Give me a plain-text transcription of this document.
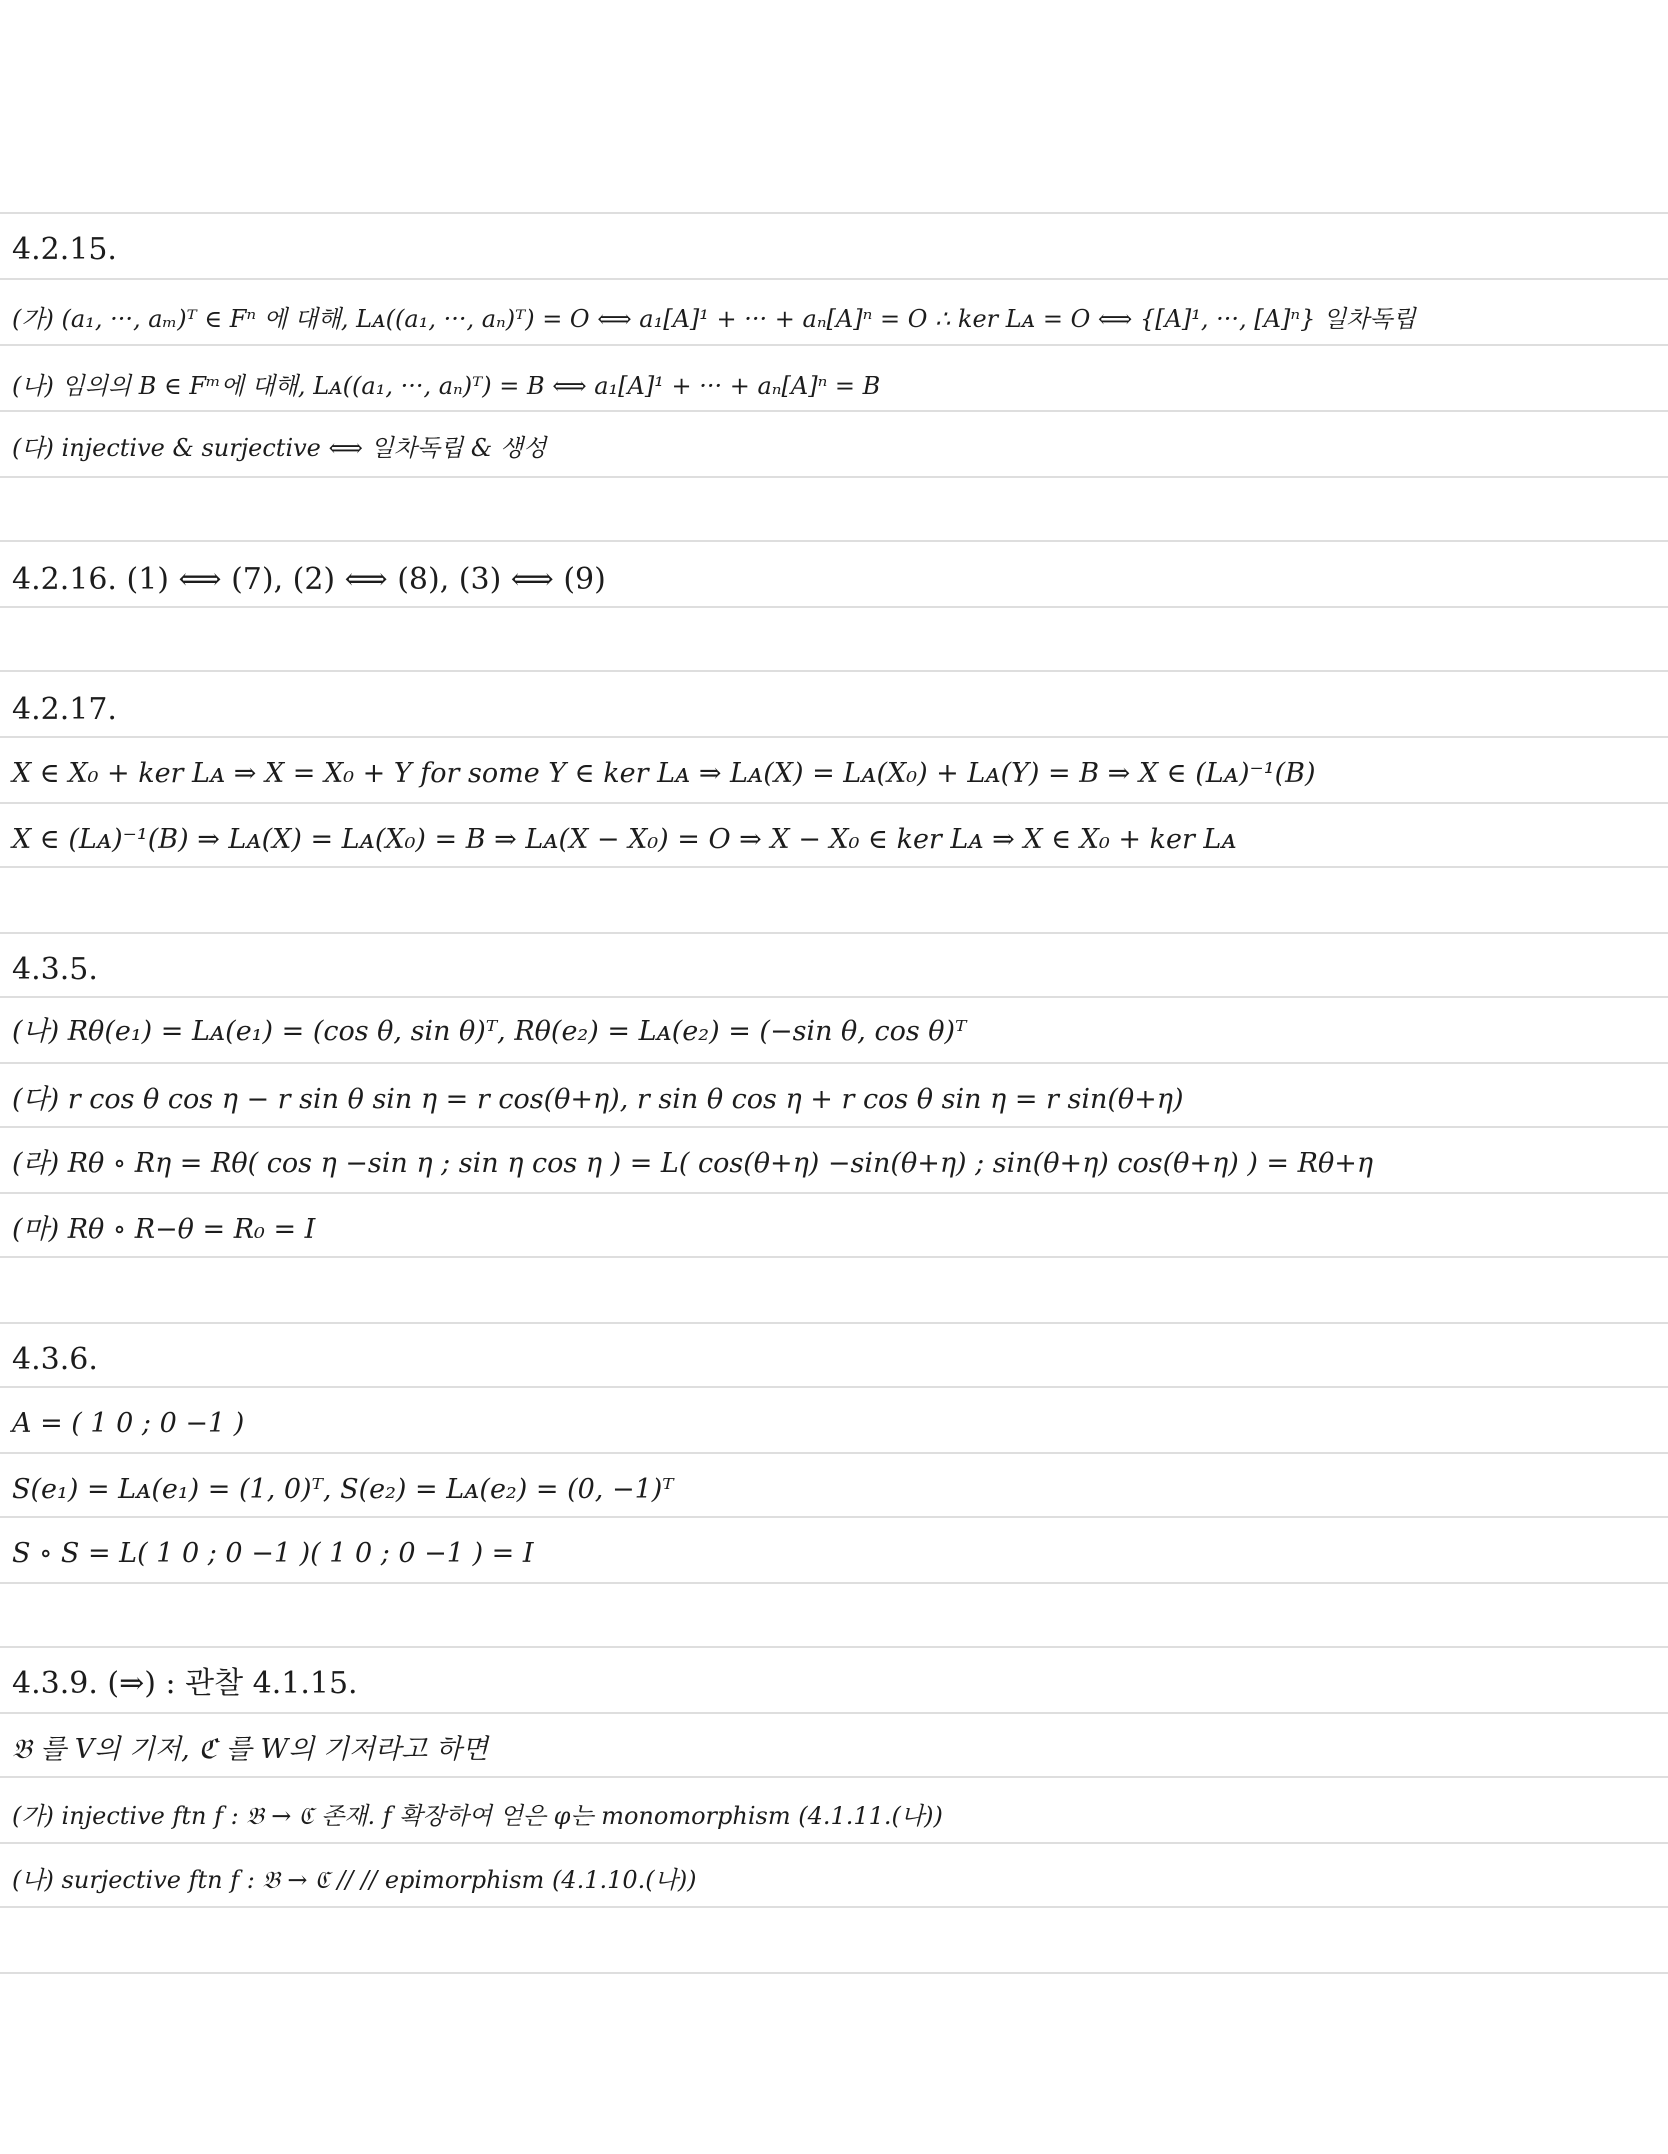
4.2.15.
(가) (a₁, ···, aₘ)ᵀ ∈ Fⁿ 에 대해, Lᴀ((a₁, ···, aₙ)ᵀ) = O ⟺ a₁[A]¹ + ··· + aₙ[A]ⁿ = O ∴ ker Lᴀ = O ⟺ {[A]¹, ···, [A]ⁿ} 일차독립
(나) 임의의 B ∈ Fᵐ에 대해, Lᴀ((a₁, ···, aₙ)ᵀ) = B ⟺ a₁[A]¹ + ··· + aₙ[A]ⁿ = B
(다) injective & surjective ⟺ 일차독립 & 생성
4.2.16. (1) ⟺ (7), (2) ⟺ (8), (3) ⟺ (9)
4.2.17.
X ∈ X₀ + ker Lᴀ ⇒ X = X₀ + Y for some Y ∈ ker Lᴀ ⇒ Lᴀ(X) = Lᴀ(X₀) + Lᴀ(Y) = B ⇒ X ∈ (Lᴀ)⁻¹(B)
X ∈ (Lᴀ)⁻¹(B) ⇒ Lᴀ(X) = Lᴀ(X₀) = B ⇒ Lᴀ(X − X₀) = O ⇒ X − X₀ ∈ ker Lᴀ ⇒ X ∈ X₀ + ker Lᴀ
4.3.5.
(나) Rθ(e₁) = Lᴀ(e₁) = (cos θ, sin θ)ᵀ, Rθ(e₂) = Lᴀ(e₂) = (−sin θ, cos θ)ᵀ
(다) r cos θ cos η − r sin θ sin η = r cos(θ+η), r sin θ cos η + r cos θ sin η = r sin(θ+η)
(라) Rθ ∘ Rη = Rθ( cos η −sin η ; sin η cos η ) = L( cos(θ+η) −sin(θ+η) ; sin(θ+η) cos(θ+η) ) = Rθ+η
(마) Rθ ∘ R−θ = R₀ = I
4.3.6.
A = ( 1 0 ; 0 −1 )
S(e₁) = Lᴀ(e₁) = (1, 0)ᵀ, S(e₂) = Lᴀ(e₂) = (0, −1)ᵀ
S ∘ S = L( 1 0 ; 0 −1 )( 1 0 ; 0 −1 ) = I
4.3.9. (⇒) : 관찰 4.1.15.
𝔅 를 V의 기저, ℭ 를 W의 기저라고 하면
(가) injective ftn f : 𝔅 → ℭ 존재. f 확장하여 얻은 φ는 monomorphism (4.1.11.(나))
(나) surjective ftn f : 𝔅 → ℭ // // epimorphism (4.1.10.(나))
